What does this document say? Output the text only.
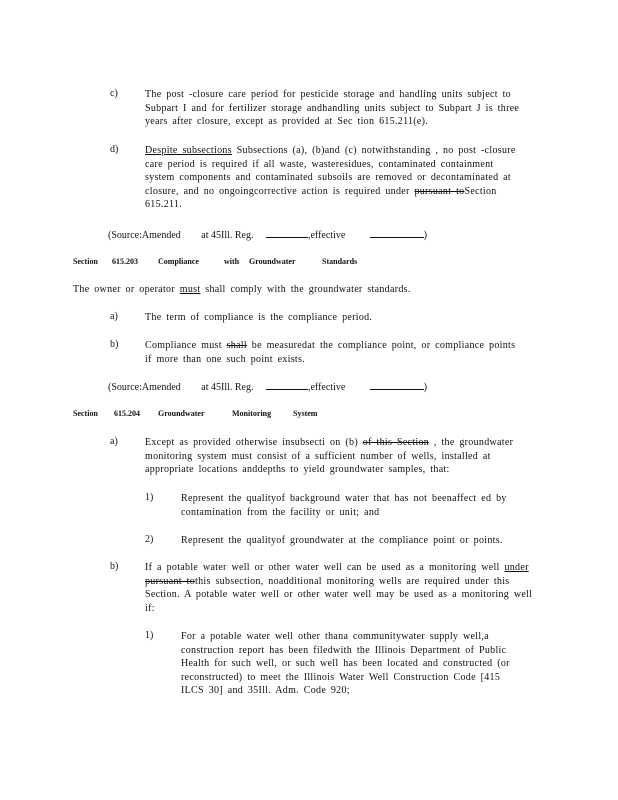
c)	The post -closure care period for pesticide storage and handling units subject to
Subpart I and for fertilizer storage andhandling units subject to Subpart J is three
years after closure, except as provided at Sec tion 615.211(e).
d)	Despite subsections Subsections (a), (b)and (c) notwithstanding , no post -closure
care period is required if all waste, wasteresidues, contaminated containment
system components and contaminated subsoils are removed or decontaminated at
closure, and no ongoingcorrective action is required under pursuant toSection
615.211.
(Source:Amended at 45Ill. Reg.	,effective	)
Section 615.203	Compliance	with Groundwater	Standards
The owner or operator must shall comply with the groundwater standards.
a)	The term of compliance is the compliance period.
b)	Compliance must shall be measuredat the compliance point, or compliance points
if more than one such point exists.
(Source:Amended at 45Ill. Reg.	,effective	)
Section 615.204 Groundwater	Monitoring	System
a)	Except as provided otherwise insubsecti on (b) of this Section , the groundwater
monitoring system must consist of a sufficient number of wells, installed at
appropriate locations anddepths to yield groundwater samples, that:
1)	Represent the qualityof background water that has not beenaffect ed by
contamination from the facility or unit; and
2)	Represent the qualityof groundwater at the compliance point or points.
b)	If a potable water well or other water well can be used as a monitoring well under
pursuant tothis subsection, noadditional monitoring wells are required under this
Section. A potable water well or other water well may be used as a monitoring well
if:
1)	For a potable water well other thana communitywater supply well,a
construction report has been filedwith the Illinois Department of Public
Health for such well, or such well has been located and constructed (or
reconstructed) to meet the Illinois Water Well Construction Code [415
ILCS 30] and 35Ill. Adm. Code 920;
